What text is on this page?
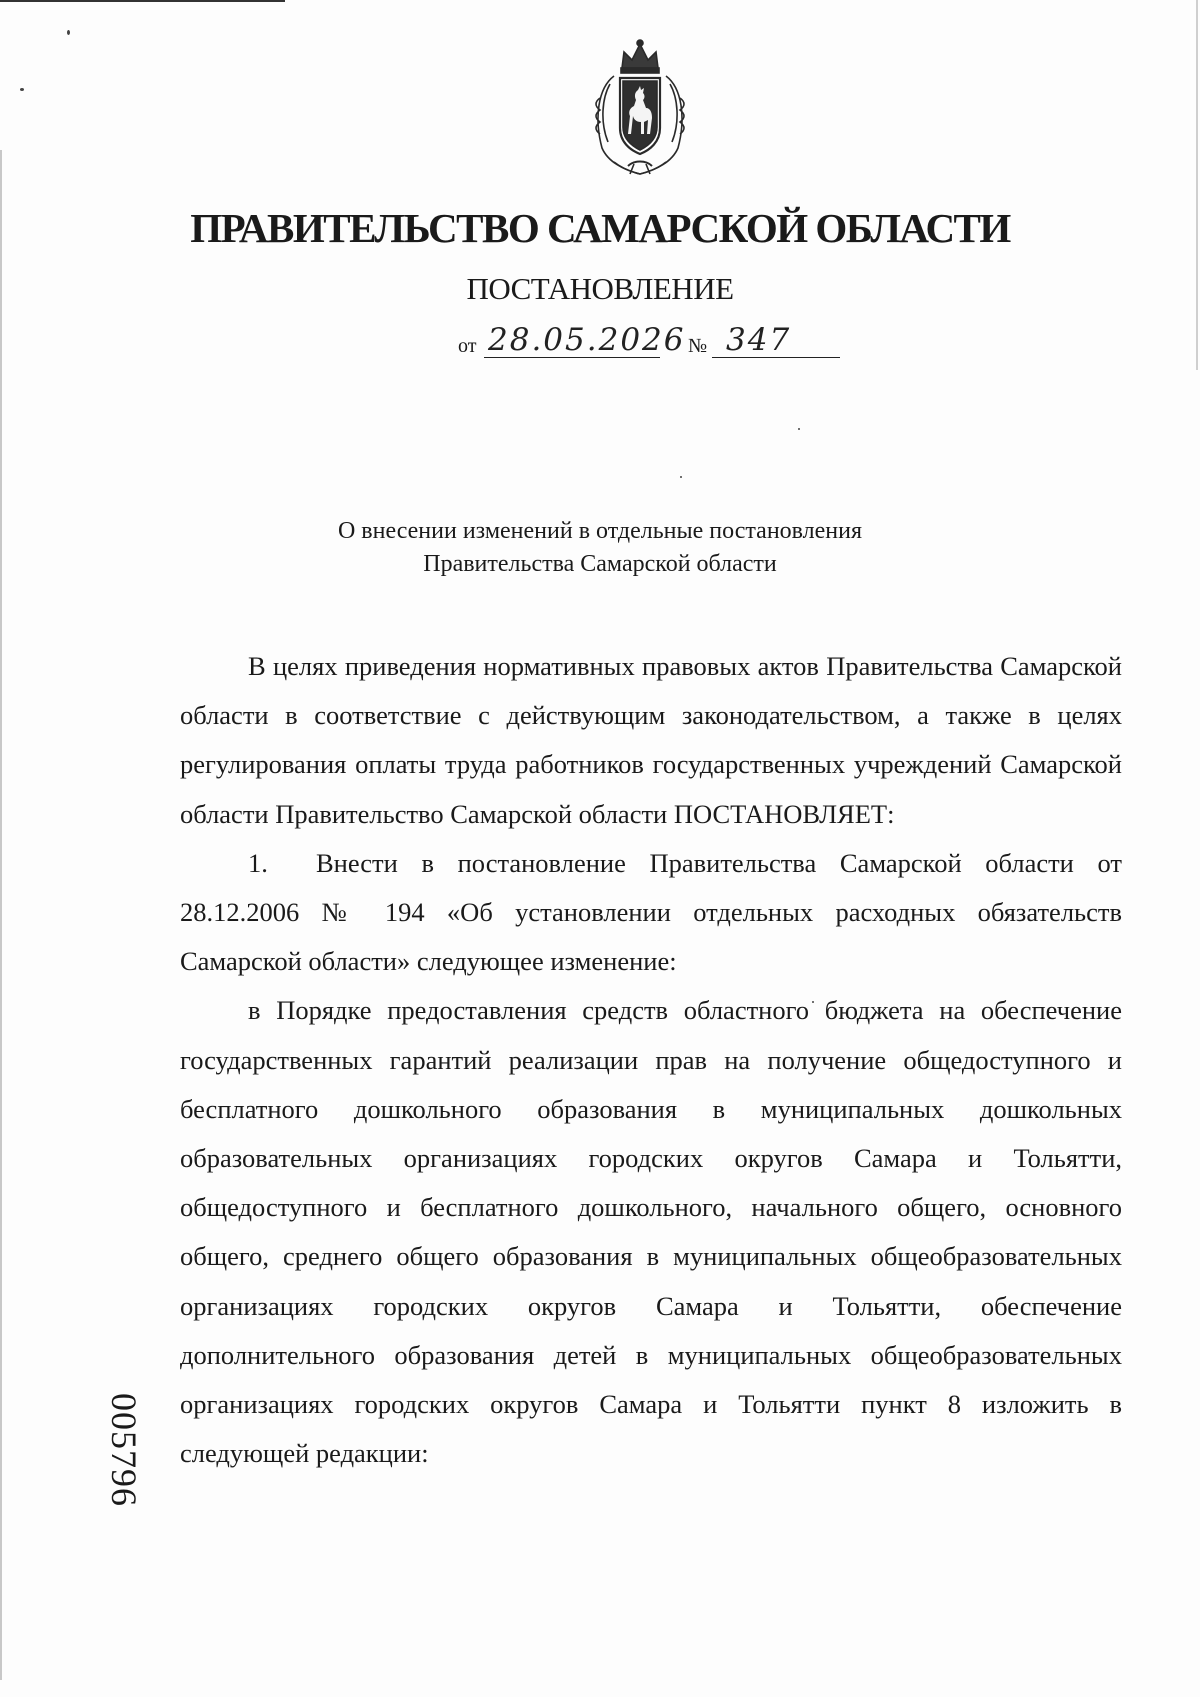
ПРАВИТЕЛЬСТВО САМАРСКОЙ ОБЛАСТИ
ПОСТАНОВЛЕНИЕ
от 28.05.2026 № 347
О внесении изменений в отдельные постановления
Правительства Самарской области

В целях приведения нормативных правовых актов Правительства Самарской области в соответствие с действующим законодательством, а также в целях регулирования оплаты труда работников государственных учреждений Самарской области Правительство Самарской области ПОСТАНОВЛЯЕТ:

1. Внести в постановление Правительства Самарской области от 28.12.2006 № 194 «Об установлении отдельных расходных обязательств Самарской области» следующее изменение:

в Порядке предоставления средств областного бюджета на обеспечение государственных гарантий реализации прав на получение общедоступного и бесплатного дошкольного образования в муниципальных дошкольных образовательных организациях городских округов Самара и Тольятти, общедоступного и бесплатного дошкольного, начального общего, основного общего, среднего общего образования в муниципальных общеобразовательных организациях городских округов Самара и Тольятти, обеспечение дополнительного образования детей в муниципальных общеобразовательных организациях городских округов Самара и Тольятти пункт 8 изложить в следующей редакции:

005796
